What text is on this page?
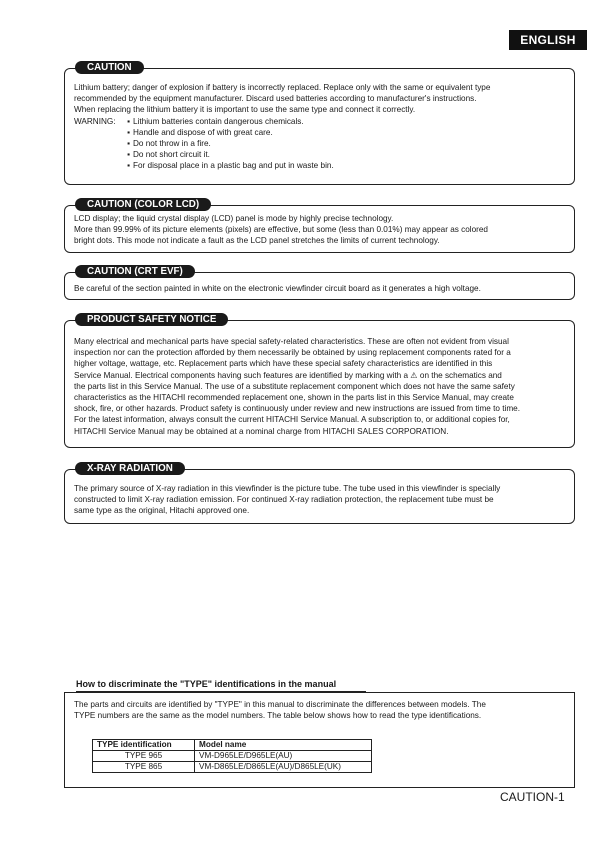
ENGLISH
CAUTION
Lithium battery; danger of explosion if battery is incorrectly replaced. Replace only with the same or equivalent type
recommended by the equipment manufacturer. Discard used batteries according to manufacturer's instructions.
When replacing the lithium battery it is important to use the same type and connect it correctly.
WARNING: ▪ Lithium batteries contain dangerous chemicals.
▪ Handle and dispose of with great care.
▪ Do not throw in a fire.
▪ Do not short circuit it.
▪ For disposal place in a plastic bag and put in waste bin.
CAUTION (COLOR LCD)
LCD display; the liquid crystal display (LCD) panel is mode by highly precise technology.
More than 99.99% of its picture elements (pixels) are effective, but some (less than 0.01%) may appear as colored
bright dots. This mode not indicate a fault as the LCD panel stretches the limits of current technology.
CAUTION (CRT EVF)
Be careful of the section painted in white on the electronic viewfinder circuit board as it generates a high voltage.
PRODUCT SAFETY NOTICE
Many electrical and mechanical parts have special safety-related characteristics. These are often not evident from visual
inspection nor can the protection afforded by them necessarily be obtained by using replacement components rated for a
higher voltage, wattage, etc. Replacement parts which have these special safety characteristics are identified in this
Service Manual. Electrical components having such features are identified by marking with a ⚠ on the schematics and
the parts list in this Service Manual. The use of a substitute replacement component which does not have the same safety
characteristics as the HITACHI recommended replacement one, shown in the parts list in this Service Manual, may create
shock, fire, or other hazards. Product safety is continuously under review and new instructions are issued from time to time.
For the latest information, always consult the current HITACHI Service Manual. A subscription to, or additional copies for,
HITACHI Service Manual may be obtained at a nominal charge from HITACHI SALES CORPORATION.
X-RAY RADIATION
The primary source of X-ray radiation in this viewfinder is the picture tube. The tube used in this viewfinder is specially
constructed to limit X-ray radiation emission. For continued X-ray radiation protection, the replacement tube must be
same type as the original, Hitachi approved one.
How to discriminate the "TYPE" identifications in the manual
The parts and circuits are identified by "TYPE" in this manual to discriminate the differences between models. The
TYPE numbers are the same as the model numbers. The table below shows how to read the type identifications.
TYPE identification	Model name
TYPE 965	VM-D965LE/D965LE(AU)
TYPE 865	VM-D865LE/D865LE(AU)/D865LE(UK)
CAUTION-1
